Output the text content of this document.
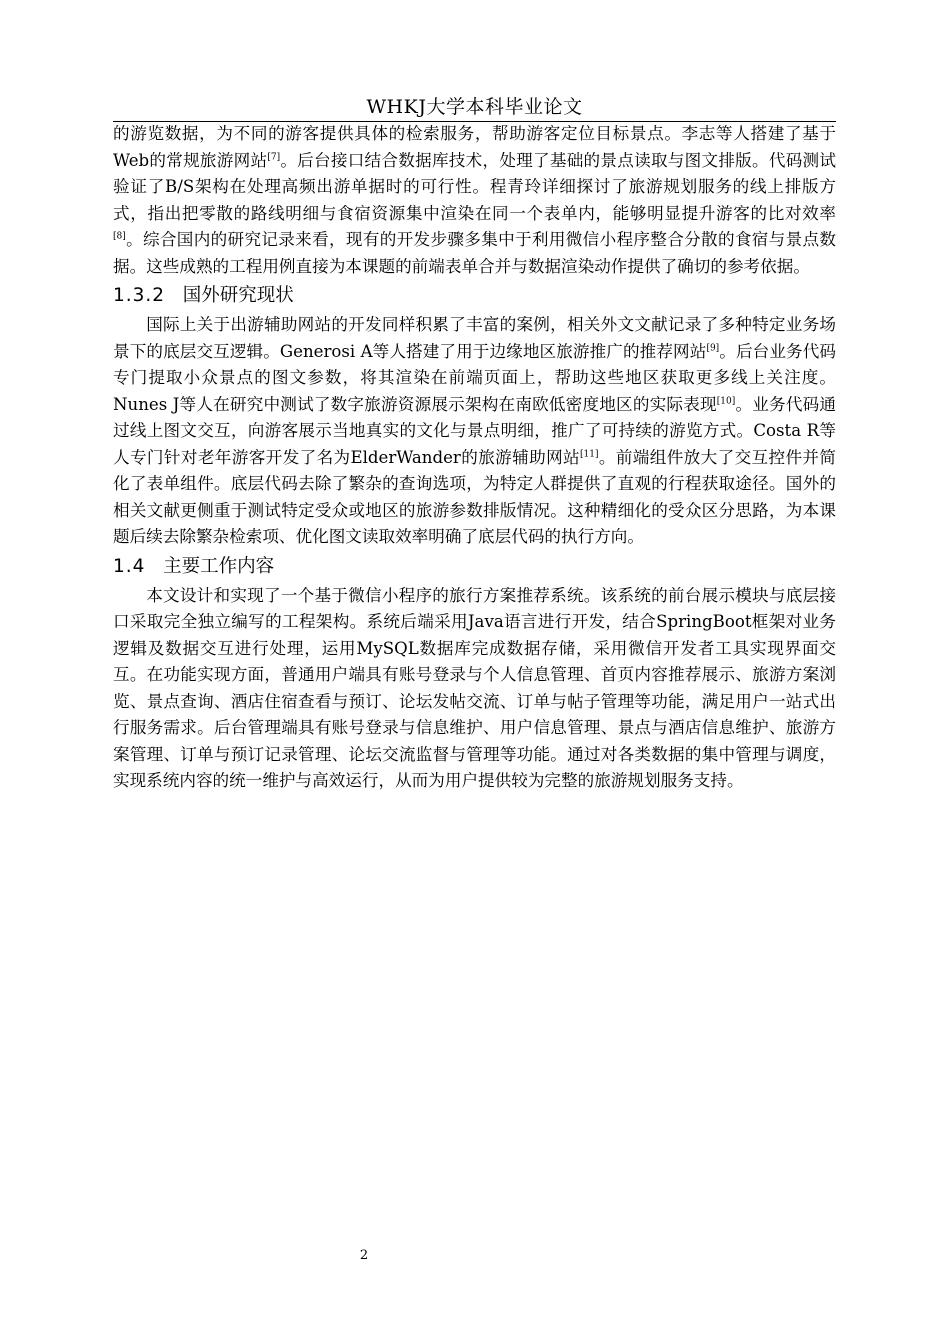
WHKJ大学本科毕业论文

的游览数据，为不同的游客提供具体的检索服务，帮助游客定位目标景点。李志等人搭建了基于Web的常规旅游网站[7]。后台接口结合数据库技术，处理了基础的景点读取与图文排版。代码测试验证了B/S架构在处理高频出游单据时的可行性。程青玲详细探讨了旅游规划服务的线上排版方式，指出把零散的路线明细与食宿资源集中渲染在同一个表单内，能够明显提升游客的比对效率[8]。综合国内的研究记录来看，现有的开发步骤多集中于利用微信小程序整合分散的食宿与景点数据。这些成熟的工程用例直接为本课题的前端表单合并与数据渲染动作提供了确切的参考依据。

1.3.2 国外研究现状

国际上关于出游辅助网站的开发同样积累了丰富的案例，相关外文文献记录了多种特定业务场景下的底层交互逻辑。Generosi A等人搭建了用于边缘地区旅游推广的推荐网站[9]。后台业务代码专门提取小众景点的图文参数，将其渲染在前端页面上，帮助这些地区获取更多线上关注度。Nunes J等人在研究中测试了数字旅游资源展示架构在南欧低密度地区的实际表现[10]。业务代码通过线上图文交互，向游客展示当地真实的文化与景点明细，推广了可持续的游览方式。Costa R等人专门针对老年游客开发了名为ElderWander的旅游辅助网站[11]。前端组件放大了交互控件并简化了表单组件。底层代码去除了繁杂的查询选项，为特定人群提供了直观的行程获取途径。国外的相关文献更侧重于测试特定受众或地区的旅游参数排版情况。这种精细化的受众区分思路，为本课题后续去除繁杂检索项、优化图文读取效率明确了底层代码的执行方向。

1.4 主要工作内容

本文设计和实现了一个基于微信小程序的旅行方案推荐系统。该系统的前台展示模块与底层接口采取完全独立编写的工程架构。系统后端采用Java语言进行开发，结合SpringBoot框架对业务逻辑及数据交互进行处理，运用MySQL数据库完成数据存储，采用微信开发者工具实现界面交互。在功能实现方面，普通用户端具有账号登录与个人信息管理、首页内容推荐展示、旅游方案浏览、景点查询、酒店住宿查看与预订、论坛发帖交流、订单与帖子管理等功能，满足用户一站式出行服务需求。后台管理端具有账号登录与信息维护、用户信息管理、景点与酒店信息维护、旅游方案管理、订单与预订记录管理、论坛交流监督与管理等功能。通过对各类数据的集中管理与调度，实现系统内容的统一维护与高效运行，从而为用户提供较为完整的旅游规划服务支持。

2
